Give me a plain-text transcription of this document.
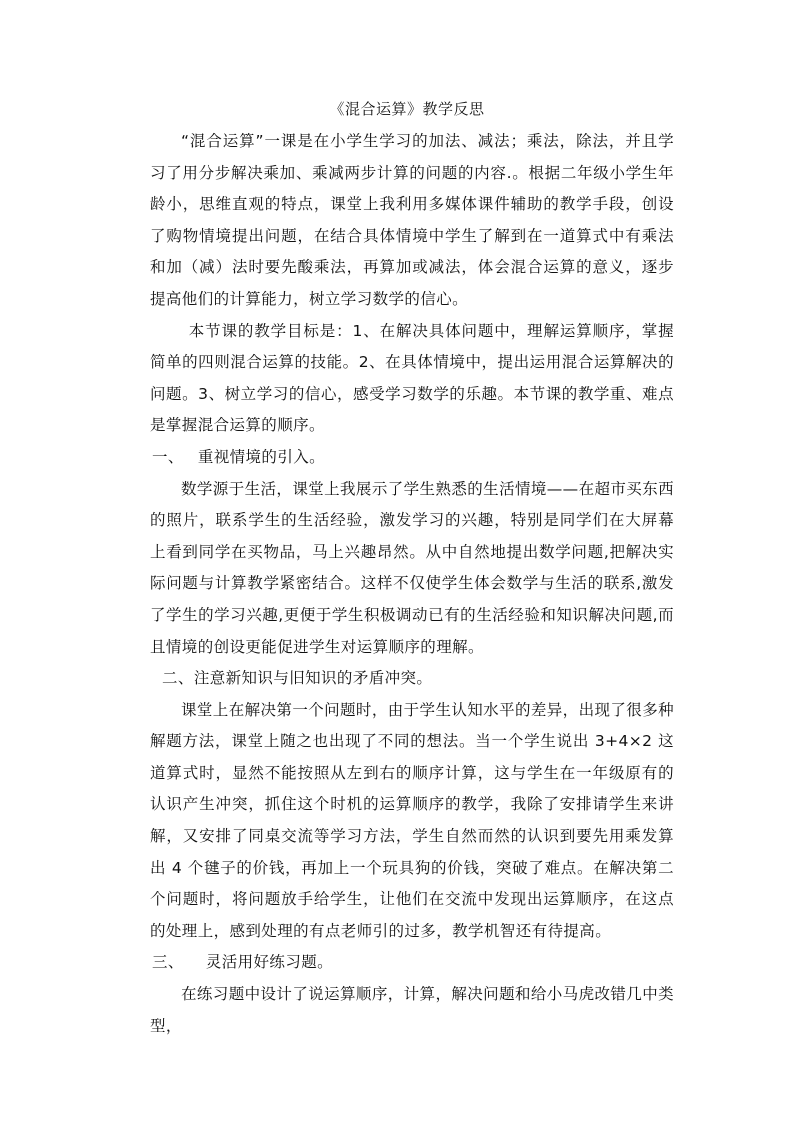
《混合运算》教学反思

“混合运算”一课是在小学生学习的加法、减法；乘法，除法，并且学习了用分步解决乘加、乘减两步计算的问题的内容.。根据二年级小学生年龄小，思维直观的特点，课堂上我利用多媒体课件辅助的教学手段，创设了购物情境提出问题，在结合具体情境中学生了解到在一道算式中有乘法和加（减）法时要先酸乘法，再算加或减法，体会混合运算的意义，逐步提高他们的计算能力，树立学习数学的信心。

本节课的教学目标是：1、在解决具体问题中，理解运算顺序，掌握简单的四则混合运算的技能。2、在具体情境中，提出运用混合运算解决的问题。3、树立学习的信心，感受学习数学的乐趣。本节课的教学重、难点是掌握混合运算的顺序。

一、 重视情境的引入。

数学源于生活，课堂上我展示了学生熟悉的生活情境——在超市买东西的照片，联系学生的生活经验，激发学习的兴趣，特别是同学们在大屏幕上看到同学在买物品，马上兴趣昂然。从中自然地提出数学问题,把解决实际问题与计算教学紧密结合。这样不仅使学生体会数学与生活的联系,激发了学生的学习兴趣,更便于学生积极调动已有的生活经验和知识解决问题,而且情境的创设更能促进学生对运算顺序的理解。

二、注意新知识与旧知识的矛盾冲突。

课堂上在解决第一个问题时，由于学生认知水平的差异，出现了很多种解题方法，课堂上随之也出现了不同的想法。当一个学生说出 3+4×2 这道算式时，显然不能按照从左到右的顺序计算，这与学生在一年级原有的认识产生冲突，抓住这个时机的运算顺序的教学，我除了安排请学生来讲解，又安排了同桌交流等学习方法，学生自然而然的认识到要先用乘发算出 4 个毽子的价钱，再加上一个玩具狗的价钱，突破了难点。在解决第二个问题时，将问题放手给学生，让他们在交流中发现出运算顺序，在这点的处理上，感到处理的有点老师引的过多，教学机智还有待提高。

三、 灵活用好练习题。

在练习题中设计了说运算顺序，计算，解决问题和给小马虎改错几中类型，
